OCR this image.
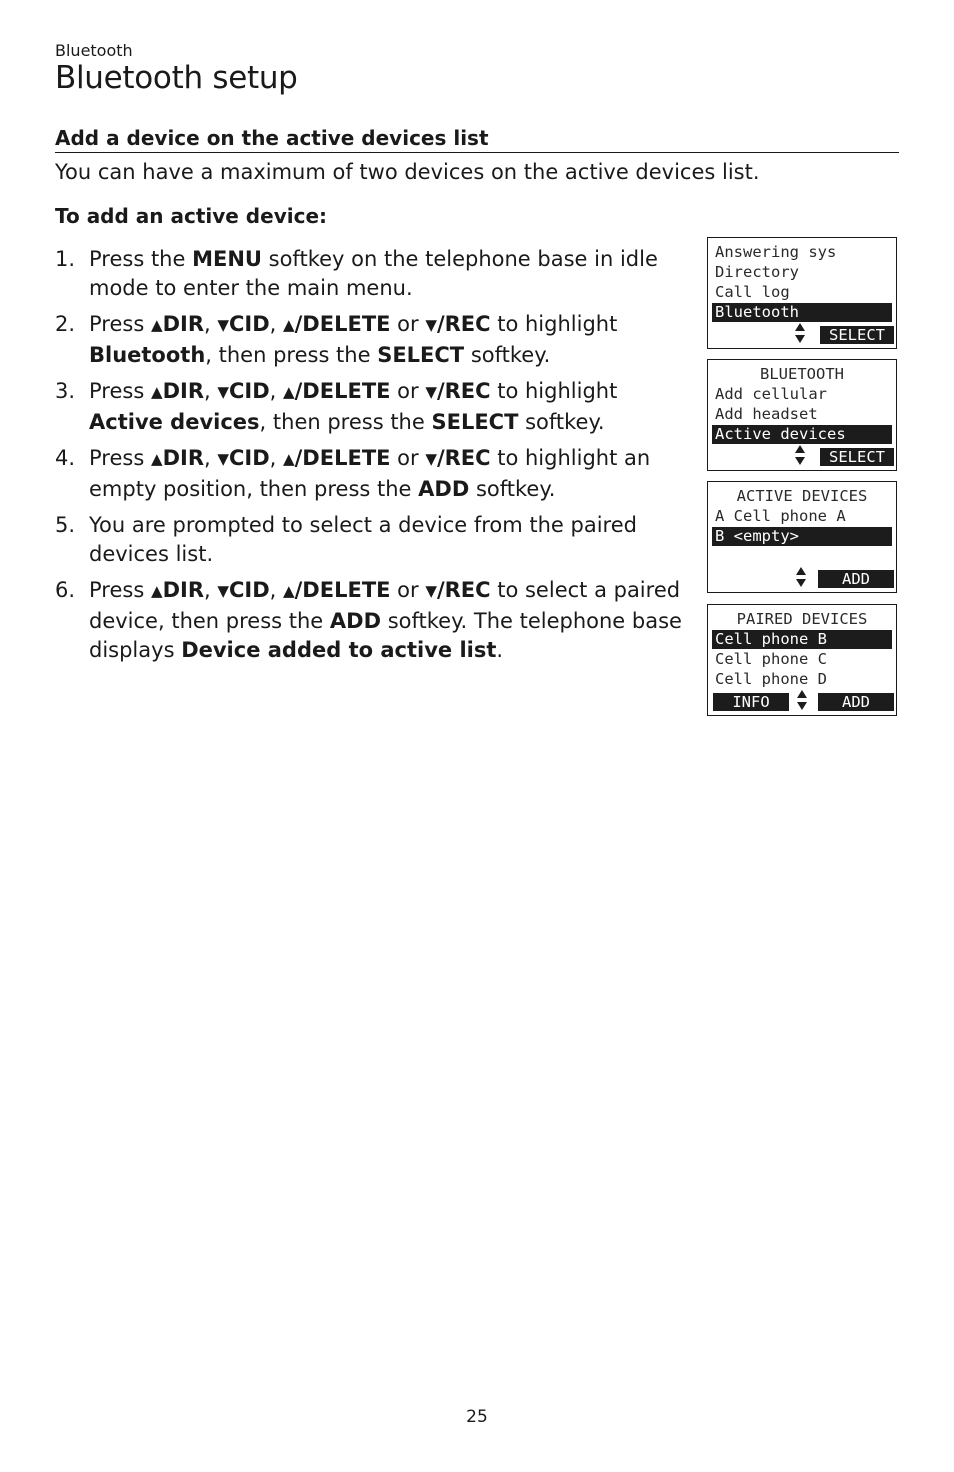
Bluetooth
Bluetooth setup
Add a device on the active devices list
You can have a maximum of two devices on the active devices list.
To add an active device:
1. Press the MENU softkey on the telephone base in idle mode to enter the main menu.
2. Press ▲DIR, ▼CID, ▲/DELETE or ▼/REC to highlight Bluetooth, then press the SELECT softkey.
3. Press ▲DIR, ▼CID, ▲/DELETE or ▼/REC to highlight Active devices, then press the SELECT softkey.
4. Press ▲DIR, ▼CID, ▲/DELETE or ▼/REC to highlight an empty position, then press the ADD softkey.
5. You are prompted to select a device from the paired devices list.
6. Press ▲DIR, ▼CID, ▲/DELETE or ▼/REC to select a paired device, then press the ADD softkey. The telephone base displays Device added to active list.
Answering sys
Directory
Call log
Bluetooth
SELECT
BLUETOOTH
Add cellular
Add headset
Active devices
SELECT
ACTIVE DEVICES
A Cell phone A
B <empty>
ADD
PAIRED DEVICES
Cell phone B
Cell phone C
Cell phone D
INFO	ADD
25
